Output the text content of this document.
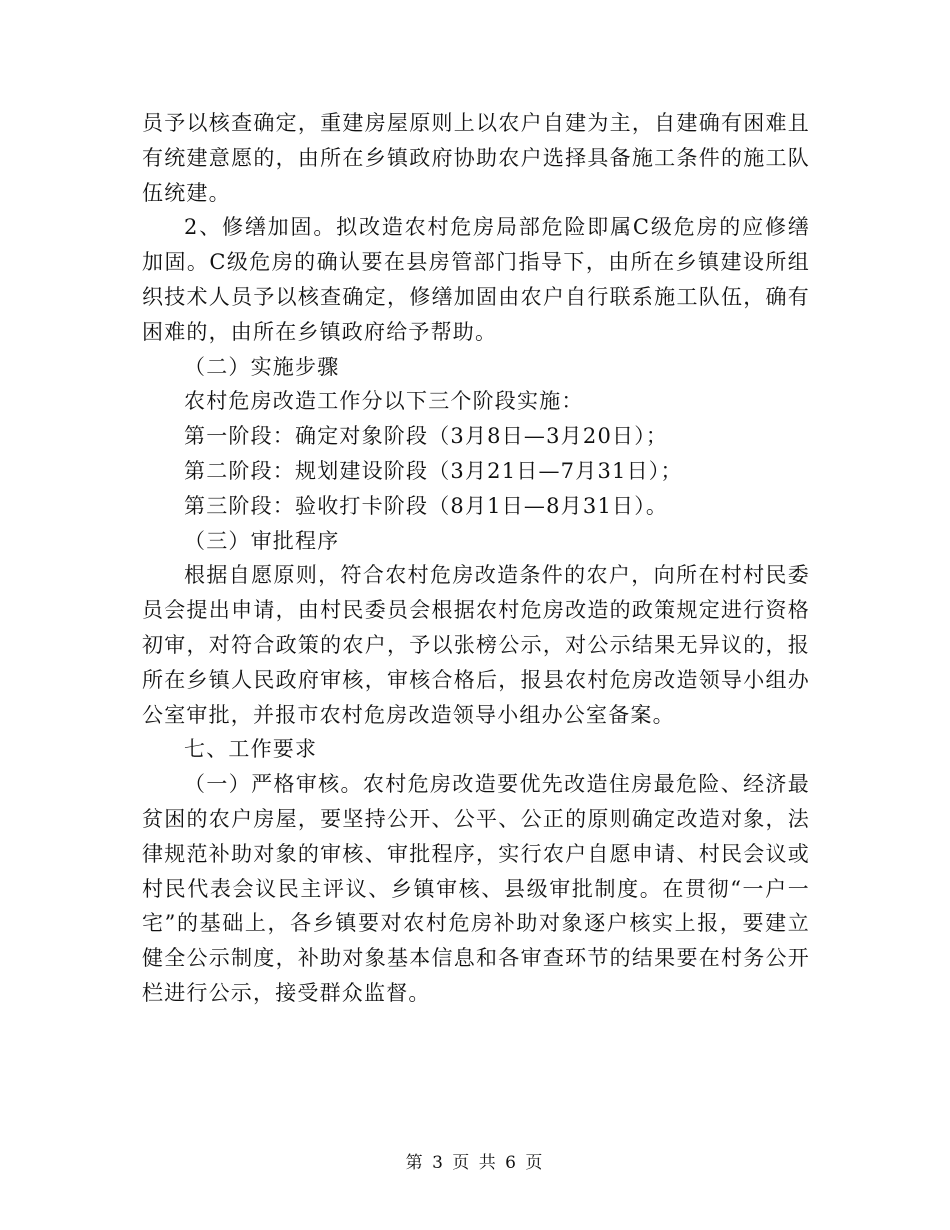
员予以核查确定，重建房屋原则上以农户自建为主，自建确有困难且有统建意愿的，由所在乡镇政府协助农户选择具备施工条件的施工队伍统建。

2、修缮加固。拟改造农村危房局部危险即属C级危房的应修缮加固。C级危房的确认要在县房管部门指导下，由所在乡镇建设所组织技术人员予以核查确定，修缮加固由农户自行联系施工队伍，确有困难的，由所在乡镇政府给予帮助。

（二）实施步骤

农村危房改造工作分以下三个阶段实施：

第一阶段：确定对象阶段（3月8日—3月20日）；

第二阶段：规划建设阶段（3月21日—7月31日）；

第三阶段：验收打卡阶段（8月1日—8月31日）。

（三）审批程序

根据自愿原则，符合农村危房改造条件的农户，向所在村村民委员会提出申请，由村民委员会根据农村危房改造的政策规定进行资格初审，对符合政策的农户，予以张榜公示，对公示结果无异议的，报所在乡镇人民政府审核，审核合格后，报县农村危房改造领导小组办公室审批，并报市农村危房改造领导小组办公室备案。

七、工作要求

（一）严格审核。农村危房改造要优先改造住房最危险、经济最贫困的农户房屋，要坚持公开、公平、公正的原则确定改造对象，法律规范补助对象的审核、审批程序，实行农户自愿申请、村民会议或村民代表会议民主评议、乡镇审核、县级审批制度。在贯彻“一户一宅”的基础上，各乡镇要对农村危房补助对象逐户核实上报，要建立健全公示制度，补助对象基本信息和各审查环节的结果要在村务公开栏进行公示，接受群众监督。

第 3 页 共 6 页
